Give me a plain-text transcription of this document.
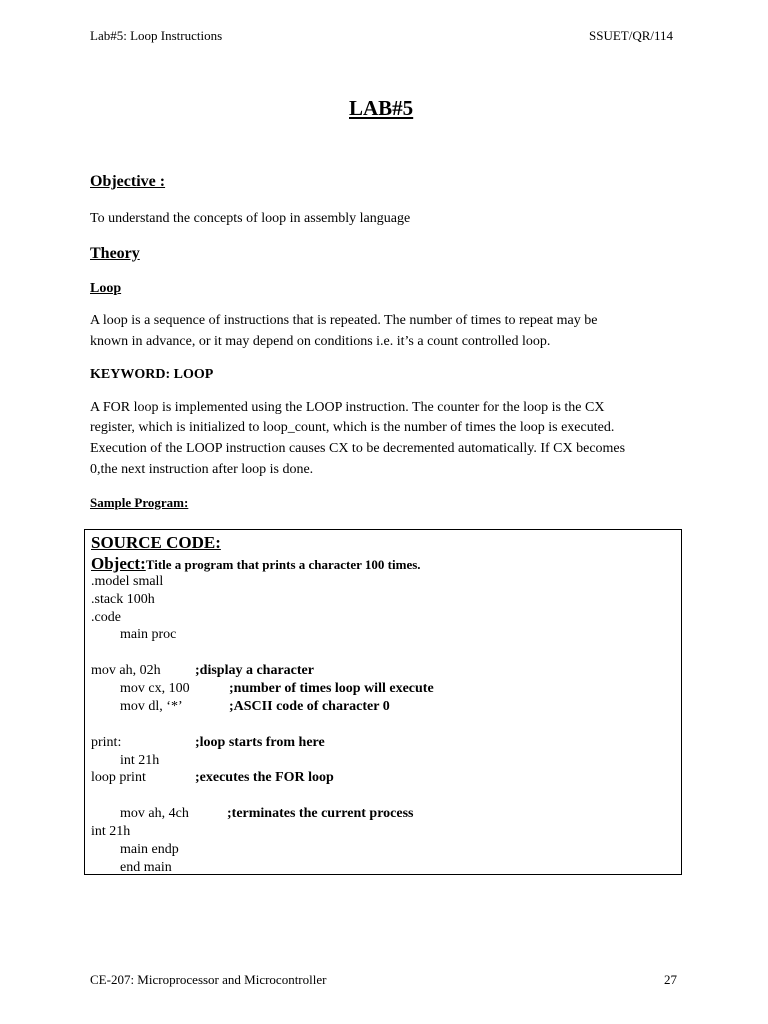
Lab#5: Loop Instructions	SSUET/QR/114
LAB#5
Objective :
To understand the concepts of loop in assembly language
Theory
Loop
A loop is a sequence of instructions that is repeated. The number of times to repeat may be
known in advance, or it may depend on conditions i.e. it’s a count controlled loop.
KEYWORD: LOOP
A FOR loop is implemented using the LOOP instruction. The counter for the loop is the CX
register, which is initialized to loop_count, which is the number of times the loop is executed.
Execution of the LOOP instruction causes CX to be decremented automatically. If CX becomes
0,the next instruction after loop is done.
Sample Program:
SOURCE CODE:
Object:Title a program that prints a character 100 times.
.model small
.stack 100h
.code
main proc
mov ah, 02h ;display a character
mov cx, 100	;number of times loop will execute
mov dl, ‘*’	;ASCII code of character 0
print:	;loop starts from here
int 21h
loop print	;executes the FOR loop
mov ah, 4ch	;terminates the current process
int 21h
main endp
end main
CE-207: Microprocessor and Microcontroller	27
